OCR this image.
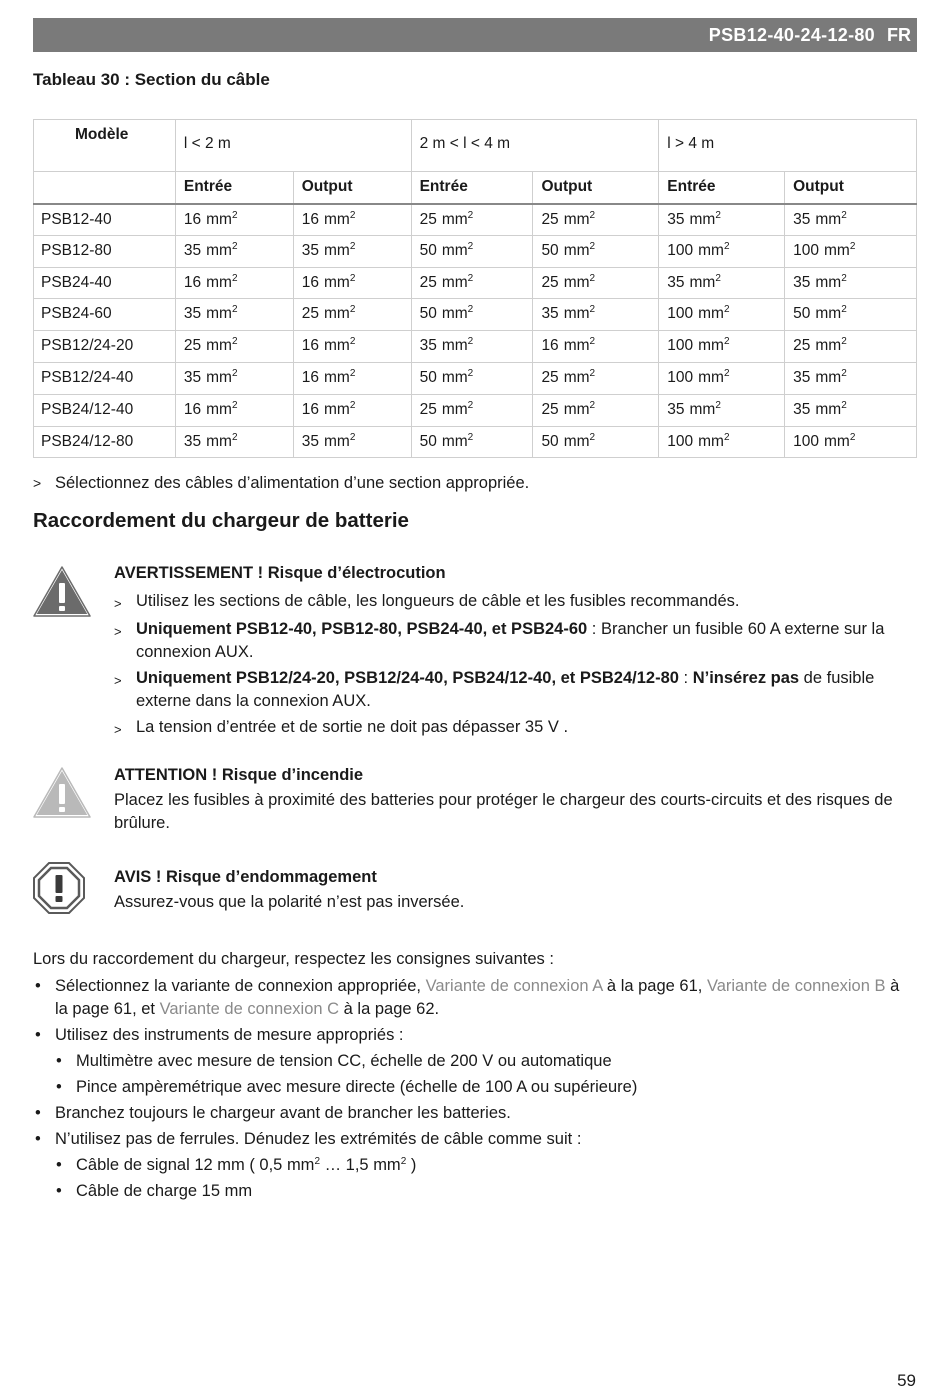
PSB12-40-24-12-80 FR
Tableau 30 : Section du câble
Modèle	l < 2 m		2 m < l < 4 m		l > 4 m	
	Entrée	Output	Entrée	Output	Entrée	Output
PSB12-40	16 $mm^2$	16 $mm^2$	25 $mm^2$	25 $mm^2$	35 $mm^2$	35 $mm^2$
PSB12-80	35 $mm^2$	35 $mm^2$	50 $mm^2$	50 $mm^2$	100 $mm^2$	100 $mm^2$
PSB24-40	16 $mm^2$	16 $mm^2$	25 $mm^2$	25 $mm^2$	35 $mm^2$	35 $mm^2$
PSB24-60	35 $mm^2$	25 $mm^2$	50 $mm^2$	35 $mm^2$	100 $mm^2$	50 $mm^2$
PSB12/24-20	25 $mm^2$	16 $mm^2$	35 $mm^2$	16 $mm^2$	100 $mm^2$	25 $mm^2$
PSB12/24-40	35 $mm^2$	16 $mm^2$	50 $mm^2$	25 $mm^2$	100 $mm^2$	35 $mm^2$
PSB24/12-40	16 $mm^2$	16 $mm^2$	25 $mm^2$	25 $mm^2$	35 $mm^2$	35 $mm^2$
PSB24/12-80	35 $mm^2$	35 $mm^2$	50 $mm^2$	50 $mm^2$	100 $mm^2$	100 $mm^2$
> Sélectionnez des câbles d’alimentation d’une section appropriée.
Raccordement du chargeur de batterie
AVERTISSEMENT ! Risque d’électrocution
> Utilisez les sections de câble, les longueurs de câble et les fusibles recommandés.
> Uniquement PSB12-40, PSB12-80, PSB24-40, et PSB24-60 : Brancher un fusible 60 A externe sur la connexion AUX.
> Uniquement PSB12/24-20, PSB12/24-40, PSB24/12-40, et PSB24/12-80 : N’insérez pas de fusible externe dans la connexion AUX.
> La tension d’entrée et de sortie ne doit pas dépasser 35 V .
ATTENTION ! Risque d’incendie
Placez les fusibles à proximité des batteries pour protéger le chargeur des courts-circuits et des risques de brûlure.
AVIS ! Risque d’endommagement
Assurez-vous que la polarité n’est pas inversée.
Lors du raccordement du chargeur, respectez les consignes suivantes :
• Sélectionnez la variante de connexion appropriée, Variante de connexion A à la page 61, Variante de connexion B à la page 61, et Variante de connexion C à la page 62.
• Utilisez des instruments de mesure appropriés :
• Multimètre avec mesure de tension CC, échelle de 200 V ou automatique
• Pince ampèremétrique avec mesure directe (échelle de 100 A ou supérieure)
• Branchez toujours le chargeur avant de brancher les batteries.
• N’utilisez pas de ferrules. Dénudez les extrémités de câble comme suit :
• Câble de signal 12 mm ( 0,5 $mm^2$ … 1,5 $mm^2$ )
• Câble de charge 15 mm
59
